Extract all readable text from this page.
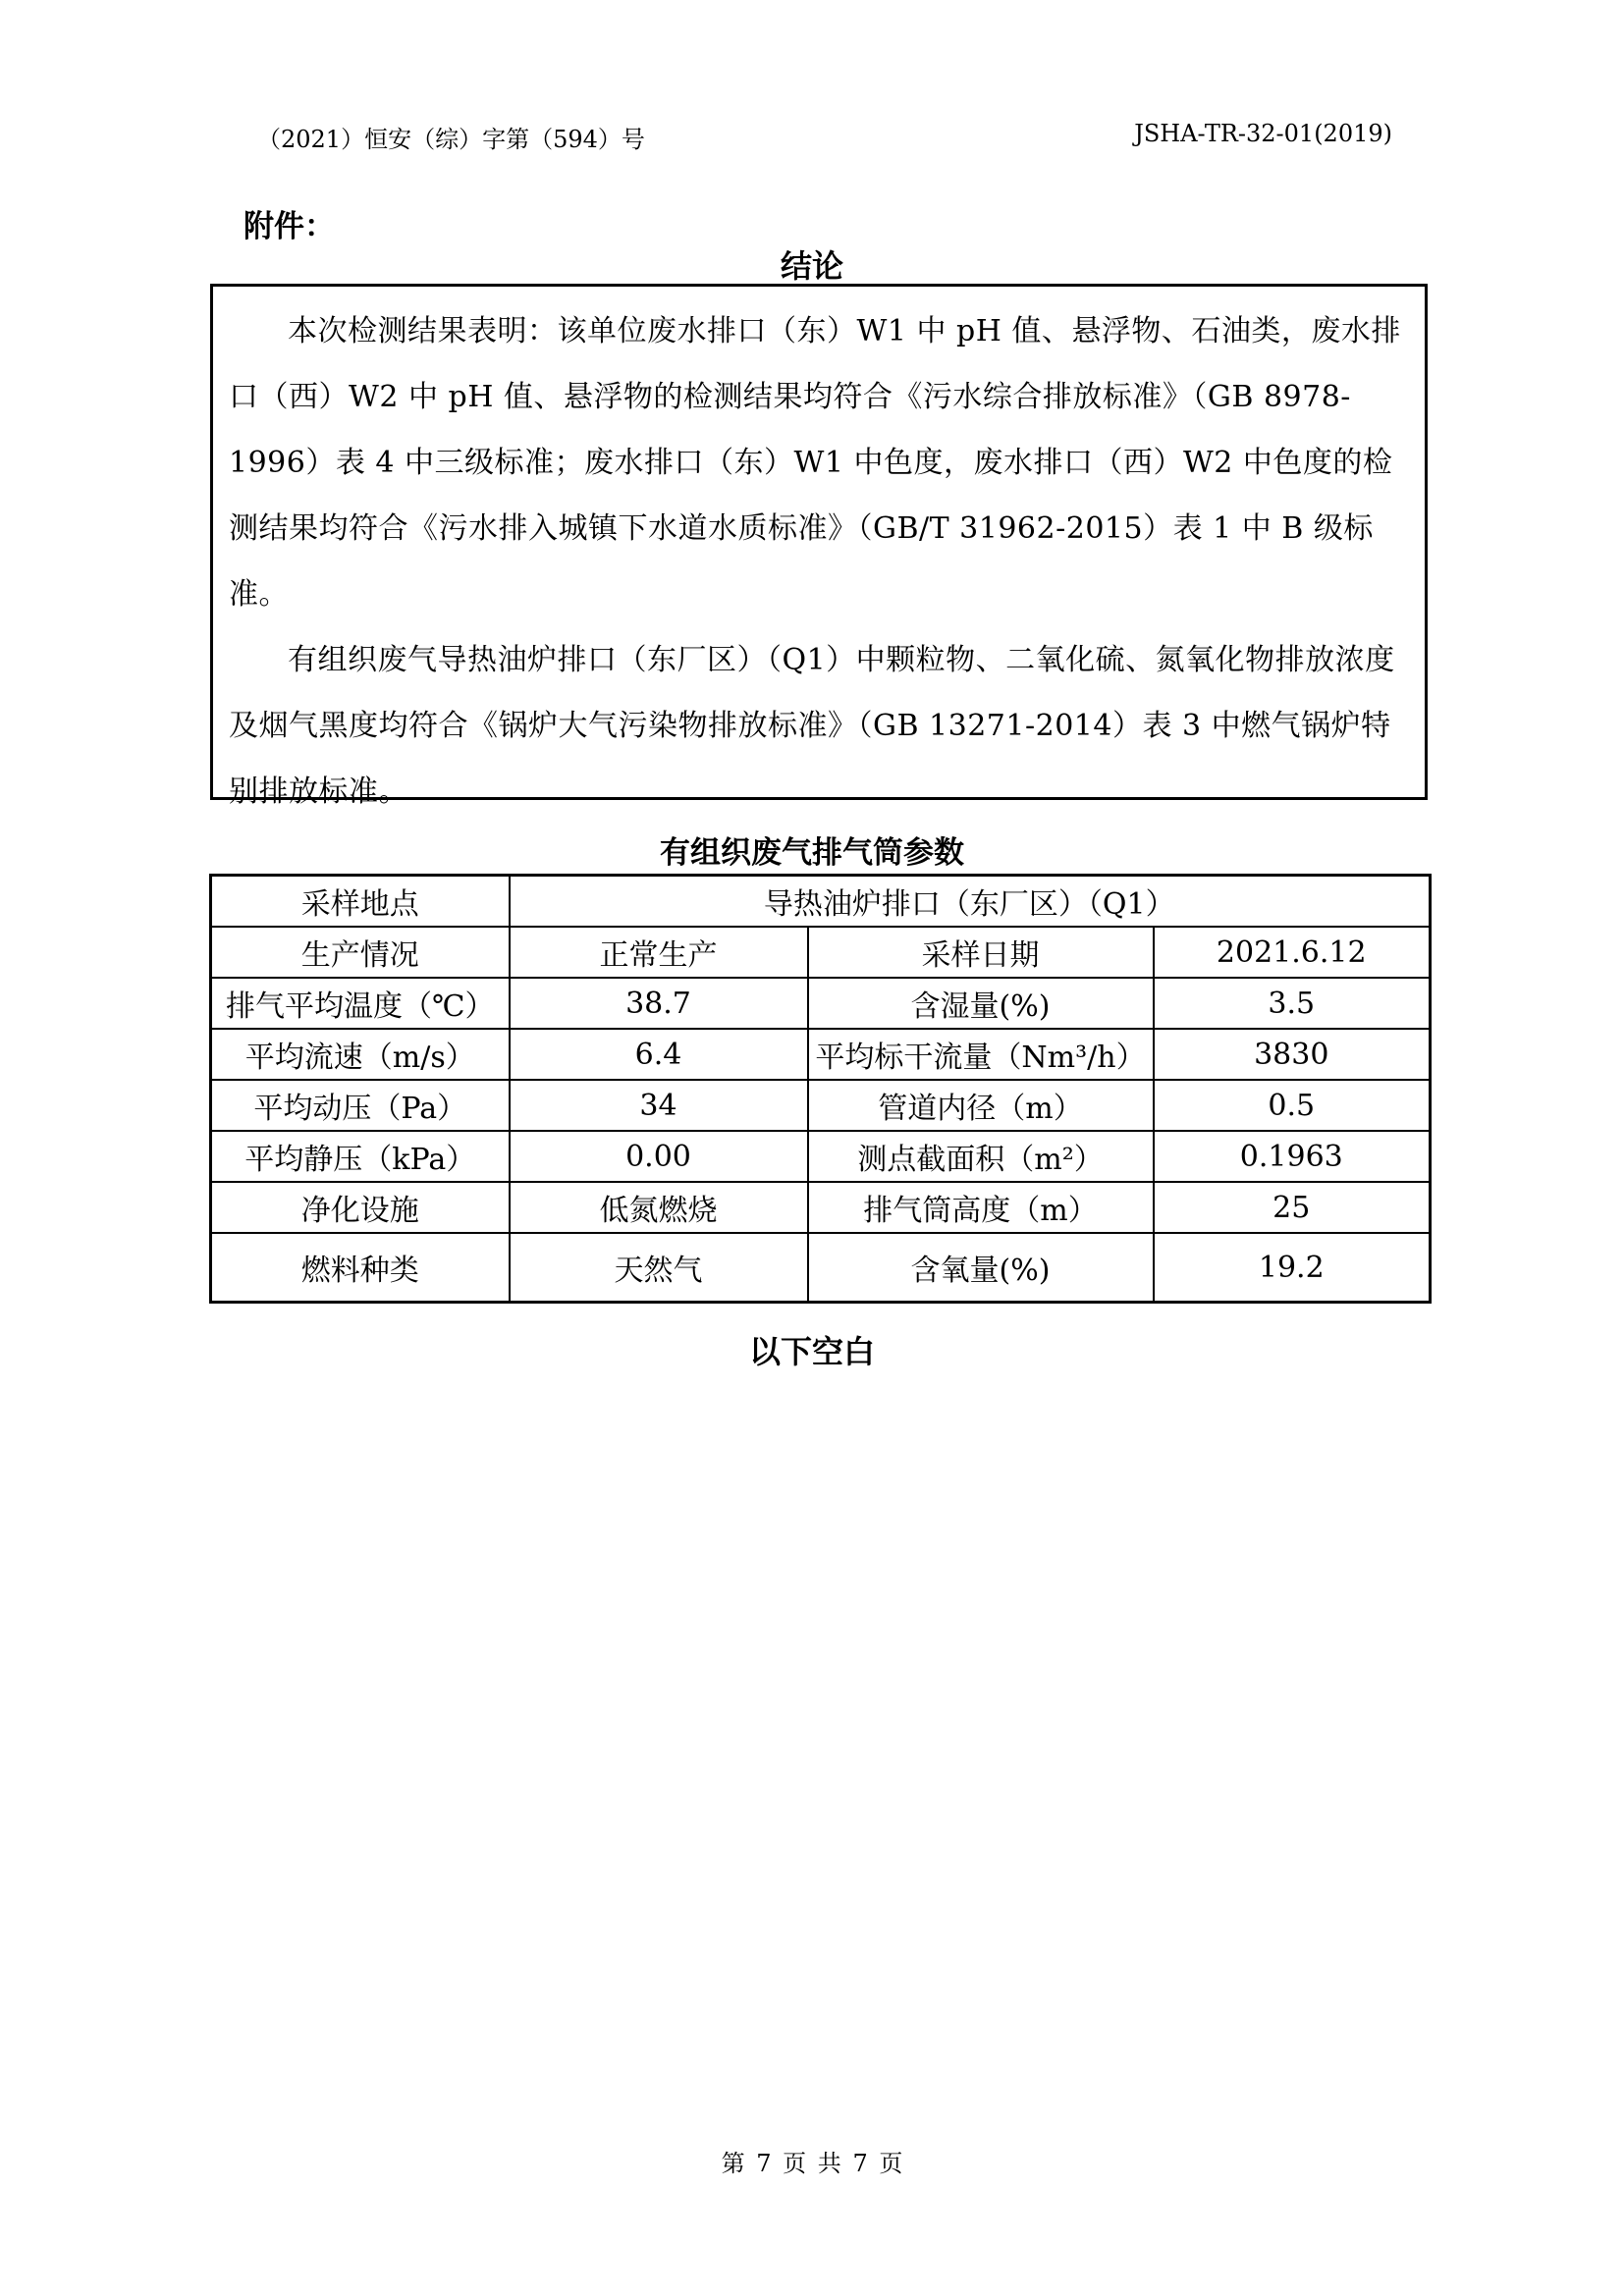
（2021）恒安（综）字第（594）号	JSHA-TR-32-01(2019)
附件：
结论

本次检测结果表明：该单位废水排口（东）W1 中 pH 值、悬浮物、石油类，废水排口（西）W2 中 pH 值、悬浮物的检测结果均符合《污水综合排放标准》（GB 8978-1996）表 4 中三级标准；废水排口（东）W1 中色度，废水排口（西）W2 中色度的检测结果均符合《污水排入城镇下水道水质标准》（GB/T 31962-2015）表 1 中 B 级标准。

有组织废气导热油炉排口（东厂区）（Q1）中颗粒物、二氧化硫、氮氧化物排放浓度及烟气黑度均符合《锅炉大气污染物排放标准》（GB 13271-2014）表 3 中燃气锅炉特别排放标准。

有组织废气排气筒参数
采样地点	导热油炉排口（东厂区）（Q1）		
生产情况	正常生产	采样日期	2021.6.12
排气平均温度（℃）	38.7	含湿量(%)	3.5
平均流速（m/s）	6.4	平均标干流量（Nm³/h）	3830
平均动压（Pa）	34	管道内径（m）	0.5
平均静压（kPa）	0.00	测点截面积（m²）	0.1963
净化设施	低氮燃烧	排气筒高度（m）	25
燃料种类	天然气	含氧量(%)	19.2
以下空白
第 7 页 共 7 页
